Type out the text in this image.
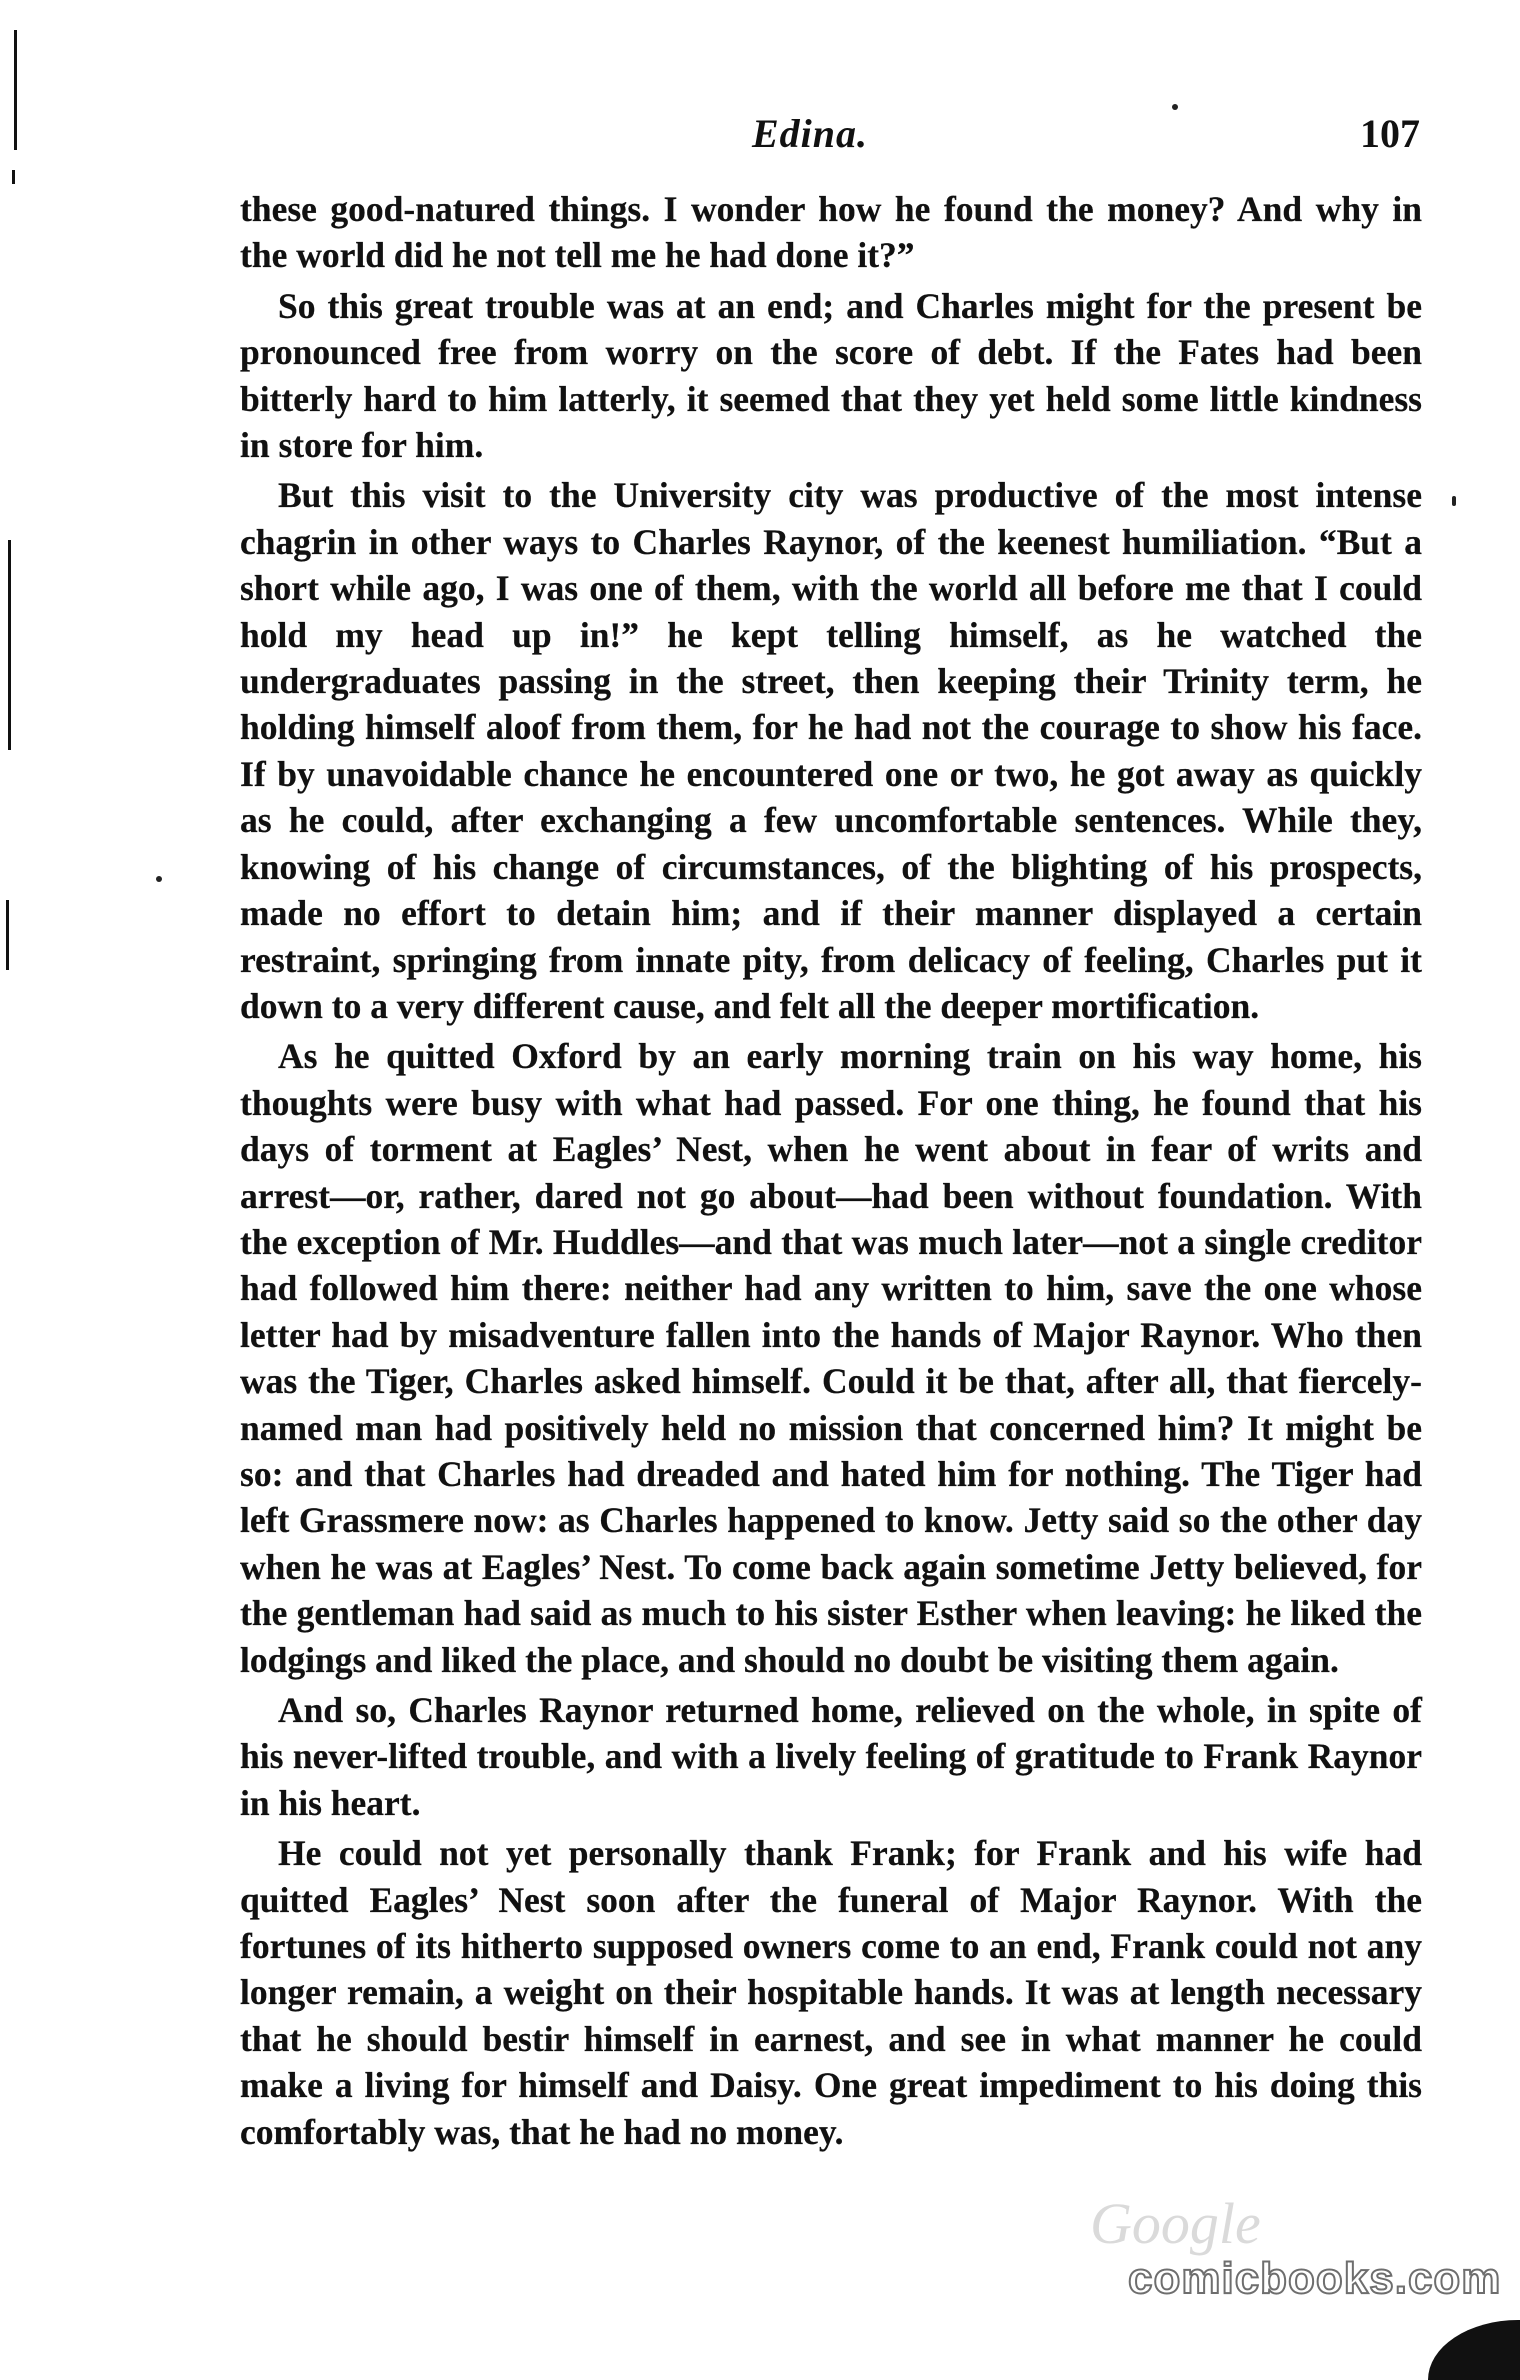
Edina.	107

these good-natured things. I wonder how he found the money? And why in the world did he not tell me he had done it?”

So this great trouble was at an end; and Charles might for the present be pronounced free from worry on the score of debt. If the Fates had been bitterly hard to him latterly, it seemed that they yet held some little kindness in store for him.

But this visit to the University city was productive of the most intense chagrin in other ways to Charles Raynor, of the keenest humiliation. “But a short while ago, I was one of them, with the world all before me that I could hold my head up in!” he kept telling himself, as he watched the undergraduates passing in the street, then keeping their Trinity term, he holding himself aloof from them, for he had not the courage to show his face. If by unavoidable chance he encountered one or two, he got away as quickly as he could, after exchanging a few uncomfortable sentences. While they, knowing of his change of circumstances, of the blighting of his prospects, made no effort to detain him; and if their manner displayed a certain restraint, springing from innate pity, from delicacy of feeling, Charles put it down to a very different cause, and felt all the deeper mortification.

As he quitted Oxford by an early morning train on his way home, his thoughts were busy with what had passed. For one thing, he found that his days of torment at Eagles’ Nest, when he went about in fear of writs and arrest—or, rather, dared not go about—had been without foundation. With the exception of Mr. Huddles—and that was much later—not a single creditor had followed him there: neither had any written to him, save the one whose letter had by misadventure fallen into the hands of Major Raynor. Who then was the Tiger, Charles asked himself. Could it be that, after all, that fiercely-named man had positively held no mission that concerned him? It might be so: and that Charles had dreaded and hated him for nothing. The Tiger had left Grassmere now: as Charles happened to know. Jetty said so the other day when he was at Eagles’ Nest. To come back again sometime Jetty believed, for the gentleman had said as much to his sister Esther when leaving: he liked the lodgings and liked the place, and should no doubt be visiting them again.

And so, Charles Raynor returned home, relieved on the whole, in spite of his never-lifted trouble, and with a lively feeling of gratitude to Frank Raynor in his heart.

He could not yet personally thank Frank; for Frank and his wife had quitted Eagles’ Nest soon after the funeral of Major Raynor. With the fortunes of its hitherto supposed owners come to an end, Frank could not any longer remain, a weight on their hospitable hands. It was at length necessary that he should bestir himself in earnest, and see in what manner he could make a living for himself and Daisy. One great impediment to his doing this comfortably was, that he had no money.

Google
comicbooks.com
